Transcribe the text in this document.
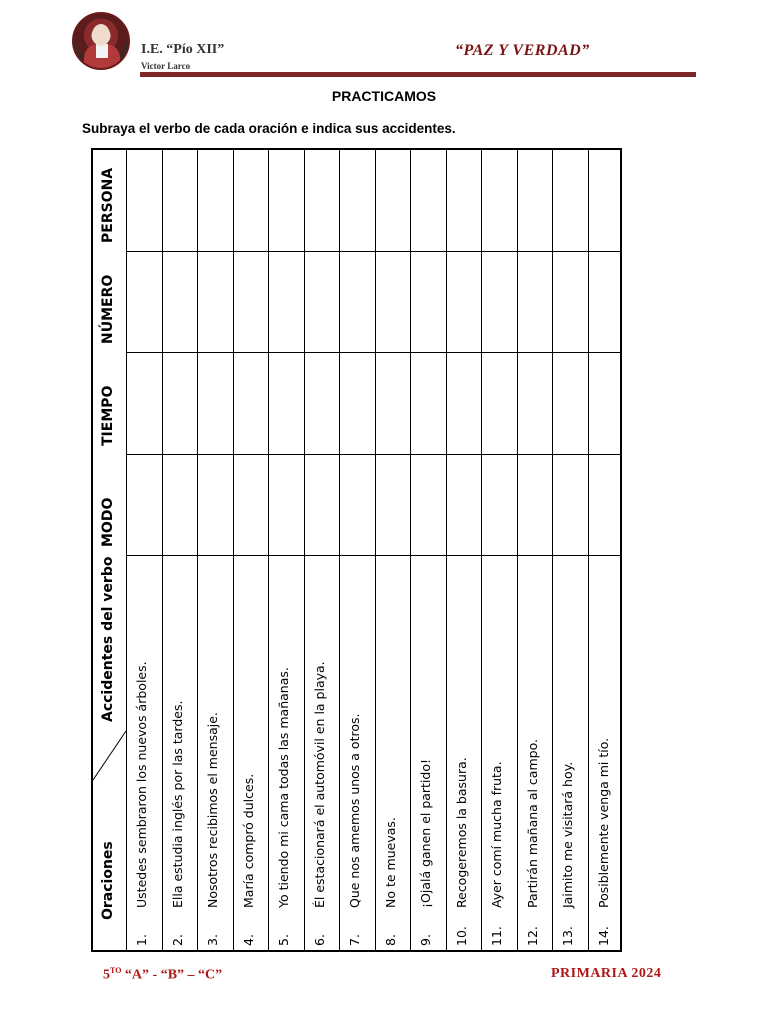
I.E. “Pío XII”
Victor Larco
“PAZ Y VERDAD”
PRACTICAMOS
Subraya el verbo de cada oración e indica sus accidentes.
PERSONA
NÚMERO
TIEMPO
MODO
Accidentes del verbo
Oraciones
1.
Ustedes sembraron los nuevos árboles.
2.
Ella estudia inglés por las tardes.
3.
Nosotros recibimos el mensaje.
4.
María compró dulces.
5.
Yo tiendo mi cama todas las mañanas.
6.
Él estacionará el automóvil en la playa.
7.
Que nos amemos unos a otros.
8.
No te muevas.
9.
¡Ojalá ganen el partido!
10.
Recogeremos la basura.
11.
Ayer comí mucha fruta.
12.
Partirán mañana al campo.
13.
Jaimito me visitará hoy.
14.
Posiblemente venga mi tío.
$5^{TO}$ “A” - “B” – “C”	PRIMARIA 2024
